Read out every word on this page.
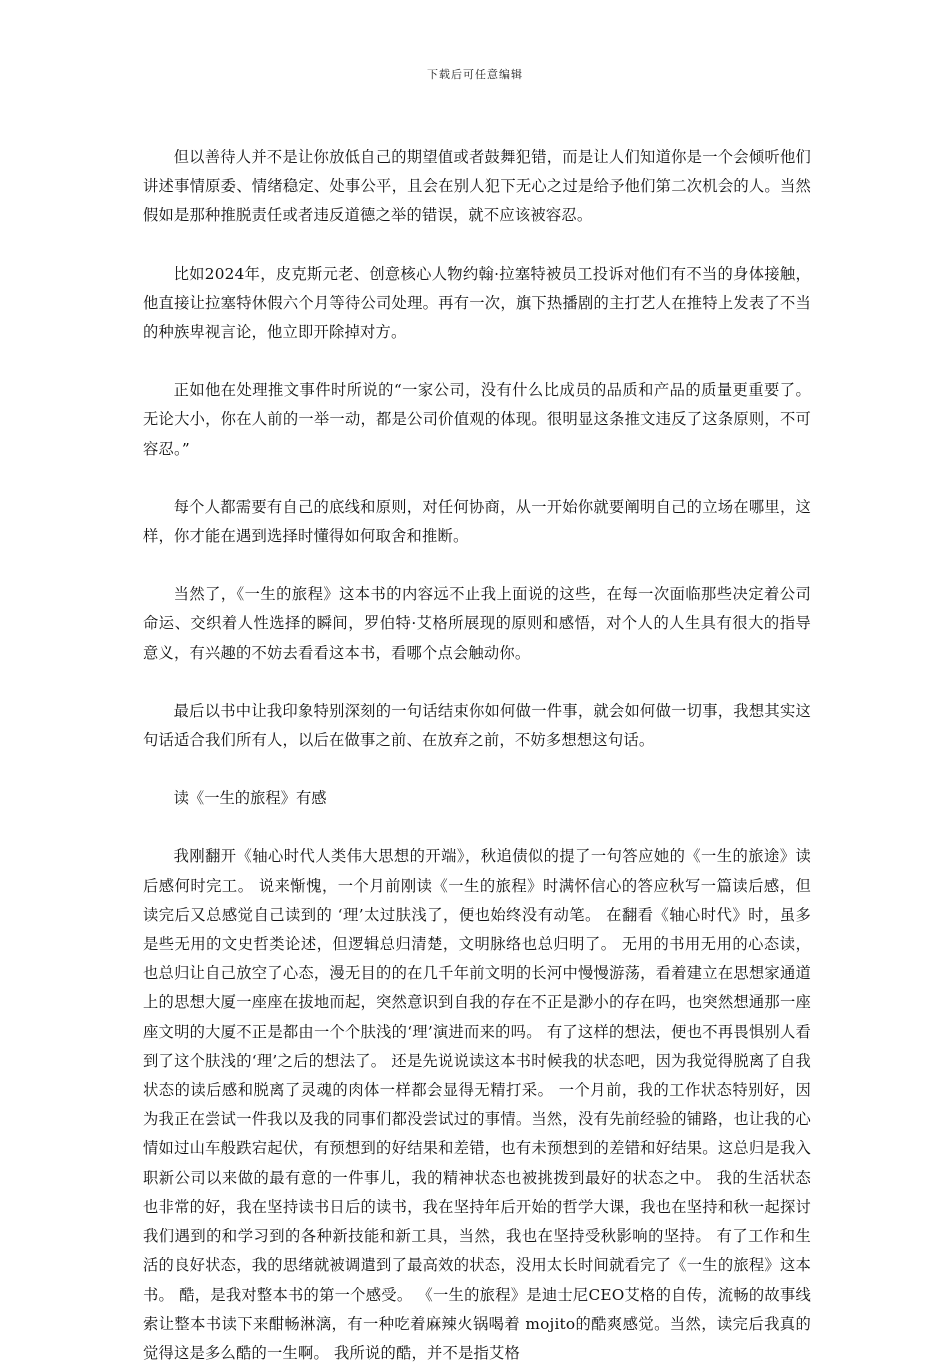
下载后可任意编辑

但以善待人并不是让你放低自己的期望值或者鼓舞犯错，而是让人们知道你是一个会倾听他们讲述事情原委、情绪稳定、处事公平，且会在别人犯下无心之过是给予他们第二次机会的人。当然假如是那种推脱责任或者违反道德之举的错误，就不应该被容忍。

比如2024年，皮克斯元老、创意核心人物约翰·拉塞特被员工投诉对他们有不当的身体接触，他直接让拉塞特休假六个月等待公司处理。再有一次，旗下热播剧的主打艺人在推特上发表了不当的种族卑视言论，他立即开除掉对方。

正如他在处理推文事件时所说的“一家公司，没有什么比成员的品质和产品的质量更重要了。无论大小，你在人前的一举一动，都是公司价值观的体现。很明显这条推文违反了这条原则，不可容忍。”

每个人都需要有自己的底线和原则，对任何协商，从一开始你就要阐明自己的立场在哪里，这样，你才能在遇到选择时懂得如何取舍和推断。

当然了，《一生的旅程》这本书的内容远不止我上面说的这些，在每一次面临那些决定着公司命运、交织着人性选择的瞬间，罗伯特·艾格所展现的原则和感悟，对个人的人生具有很大的指导意义，有兴趣的不妨去看看这本书，看哪个点会触动你。

最后以书中让我印象特别深刻的一句话结束你如何做一件事，就会如何做一切事，我想其实这句话适合我们所有人，以后在做事之前、在放弃之前，不妨多想想这句话。

读《一生的旅程》有感

我刚翻开《轴心时代人类伟大思想的开端》，秋追债似的提了一句答应她的《一生的旅途》读后感何时完工。 说来惭愧，一个月前刚读《一生的旅程》时满怀信心的答应秋写一篇读后感，但读完后又总感觉自己读到的 ‘理’太过肤浅了，便也始终没有动笔。 在翻看《轴心时代》时，虽多是些无用的文史哲类论述，但逻辑总归清楚，文明脉络也总归明了。 无用的书用无用的心态读，也总归让自己放空了心态，漫无目的的在几千年前文明的长河中慢慢游荡，看着建立在思想家通道上的思想大厦一座座在拔地而起，突然意识到自我的存在不正是渺小的存在吗，也突然想通那一座座文明的大厦不正是都由一个个肤浅的‘理’演进而来的吗。 有了这样的想法，便也不再畏惧别人看到了这个肤浅的‘理’之后的想法了。 还是先说说读这本书时候我的状态吧，因为我觉得脱离了自我状态的读后感和脱离了灵魂的肉体一样都会显得无精打采。 一个月前，我的工作状态特别好，因为我正在尝试一件我以及我的同事们都没尝试过的事情。当然，没有先前经验的铺路，也让我的心情如过山车般跌宕起伏，有预想到的好结果和差错，也有未预想到的差错和好结果。这总归是我入职新公司以来做的最有意的一件事儿，我的精神状态也被挑拨到最好的状态之中。 我的生活状态也非常的好，我在坚持读书日后的读书，我在坚持年后开始的哲学大课，我也在坚持和秋一起探讨我们遇到的和学习到的各种新技能和新工具，当然，我也在坚持受秋影响的坚持。 有了工作和生活的良好状态，我的思绪就被调遣到了最高效的状态，没用太长时间就看完了《一生的旅程》这本书。 酷，是我对整本书的第一个感受。 《一生的旅程》是迪士尼CEO艾格的自传，流畅的故事线索让整本书读下来酣畅淋漓，有一种吃着麻辣火锅喝着 mojito的酷爽感觉。当然，读完后我真的觉得这是多么酷的一生啊。 我所说的酷，并不是指艾格
